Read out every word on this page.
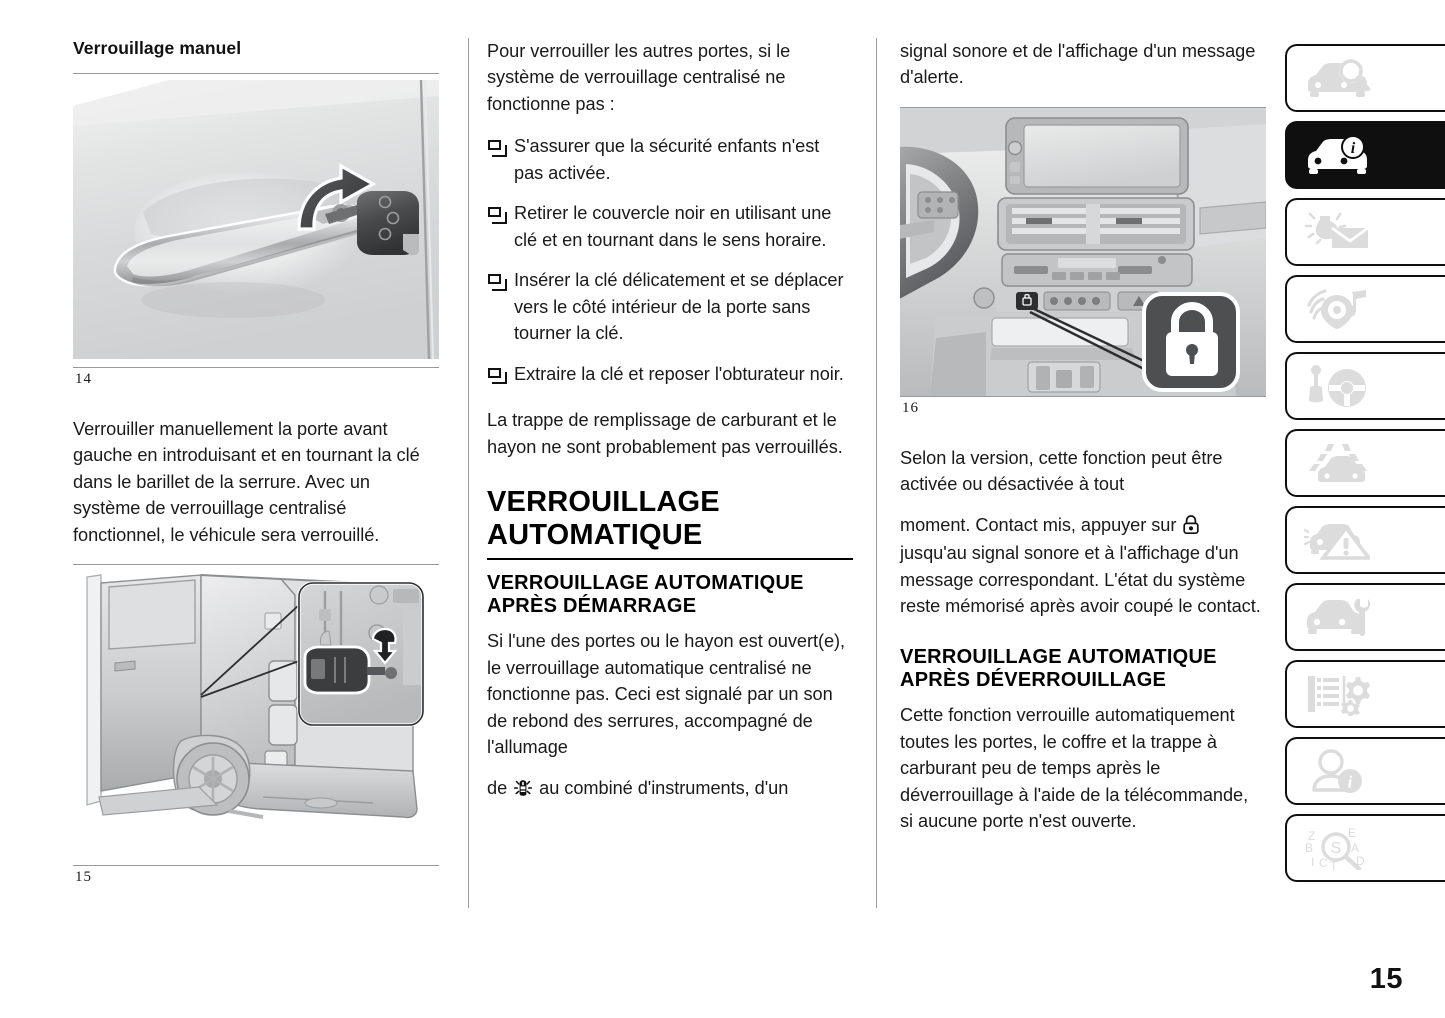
Verrouillage manuel
14

Verrouiller manuellement la porte avant gauche en introduisant et en tournant la clé dans le barillet de la serrure. Avec un système de verrouillage centralisé fonctionnel, le véhicule sera verrouillé.

15

Pour verrouiller les autres portes, si le système de verrouillage centralisé ne fonctionne pas :

S'assurer que la sécurité enfants n'est pas activée.
Retirer le couvercle noir en utilisant une clé et en tournant dans le sens horaire.
Insérer la clé délicatement et se déplacer vers le côté intérieur de la porte sans tourner la clé.
Extraire la clé et reposer l'obturateur noir.

La trappe de remplissage de carburant et le hayon ne sont probablement pas verrouillés.

VERROUILLAGE AUTOMATIQUE
VERROUILLAGE AUTOMATIQUE APRÈS DÉMARRAGE

Si l'une des portes ou le hayon est ouvert(e), le verrouillage automatique centralisé ne fonctionne pas. Ceci est signalé par un son de rebond des serrures, accompagné de l'allumage

de au combiné d'instruments, d'un

signal sonore et de l'affichage d'un message d'alerte.

16

Selon la version, cette fonction peut être activée ou désactivée à tout

moment. Contact mis, appuyer sur

jusqu'au signal sonore et à l'affichage d'un message correspondant. L'état du système reste mémorisé après avoir coupé le contact.

VERROUILLAGE AUTOMATIQUE APRÈS DÉVERROUILLAGE

Cette fonction verrouille automatiquement toutes les portes, le coffre et la trappe à carburant peu de temps après le déverrouillage à l'aide de la télécommande, si aucune porte n'est ouverte.

i
i
Z
B
I C T
E
A
D
S
15
